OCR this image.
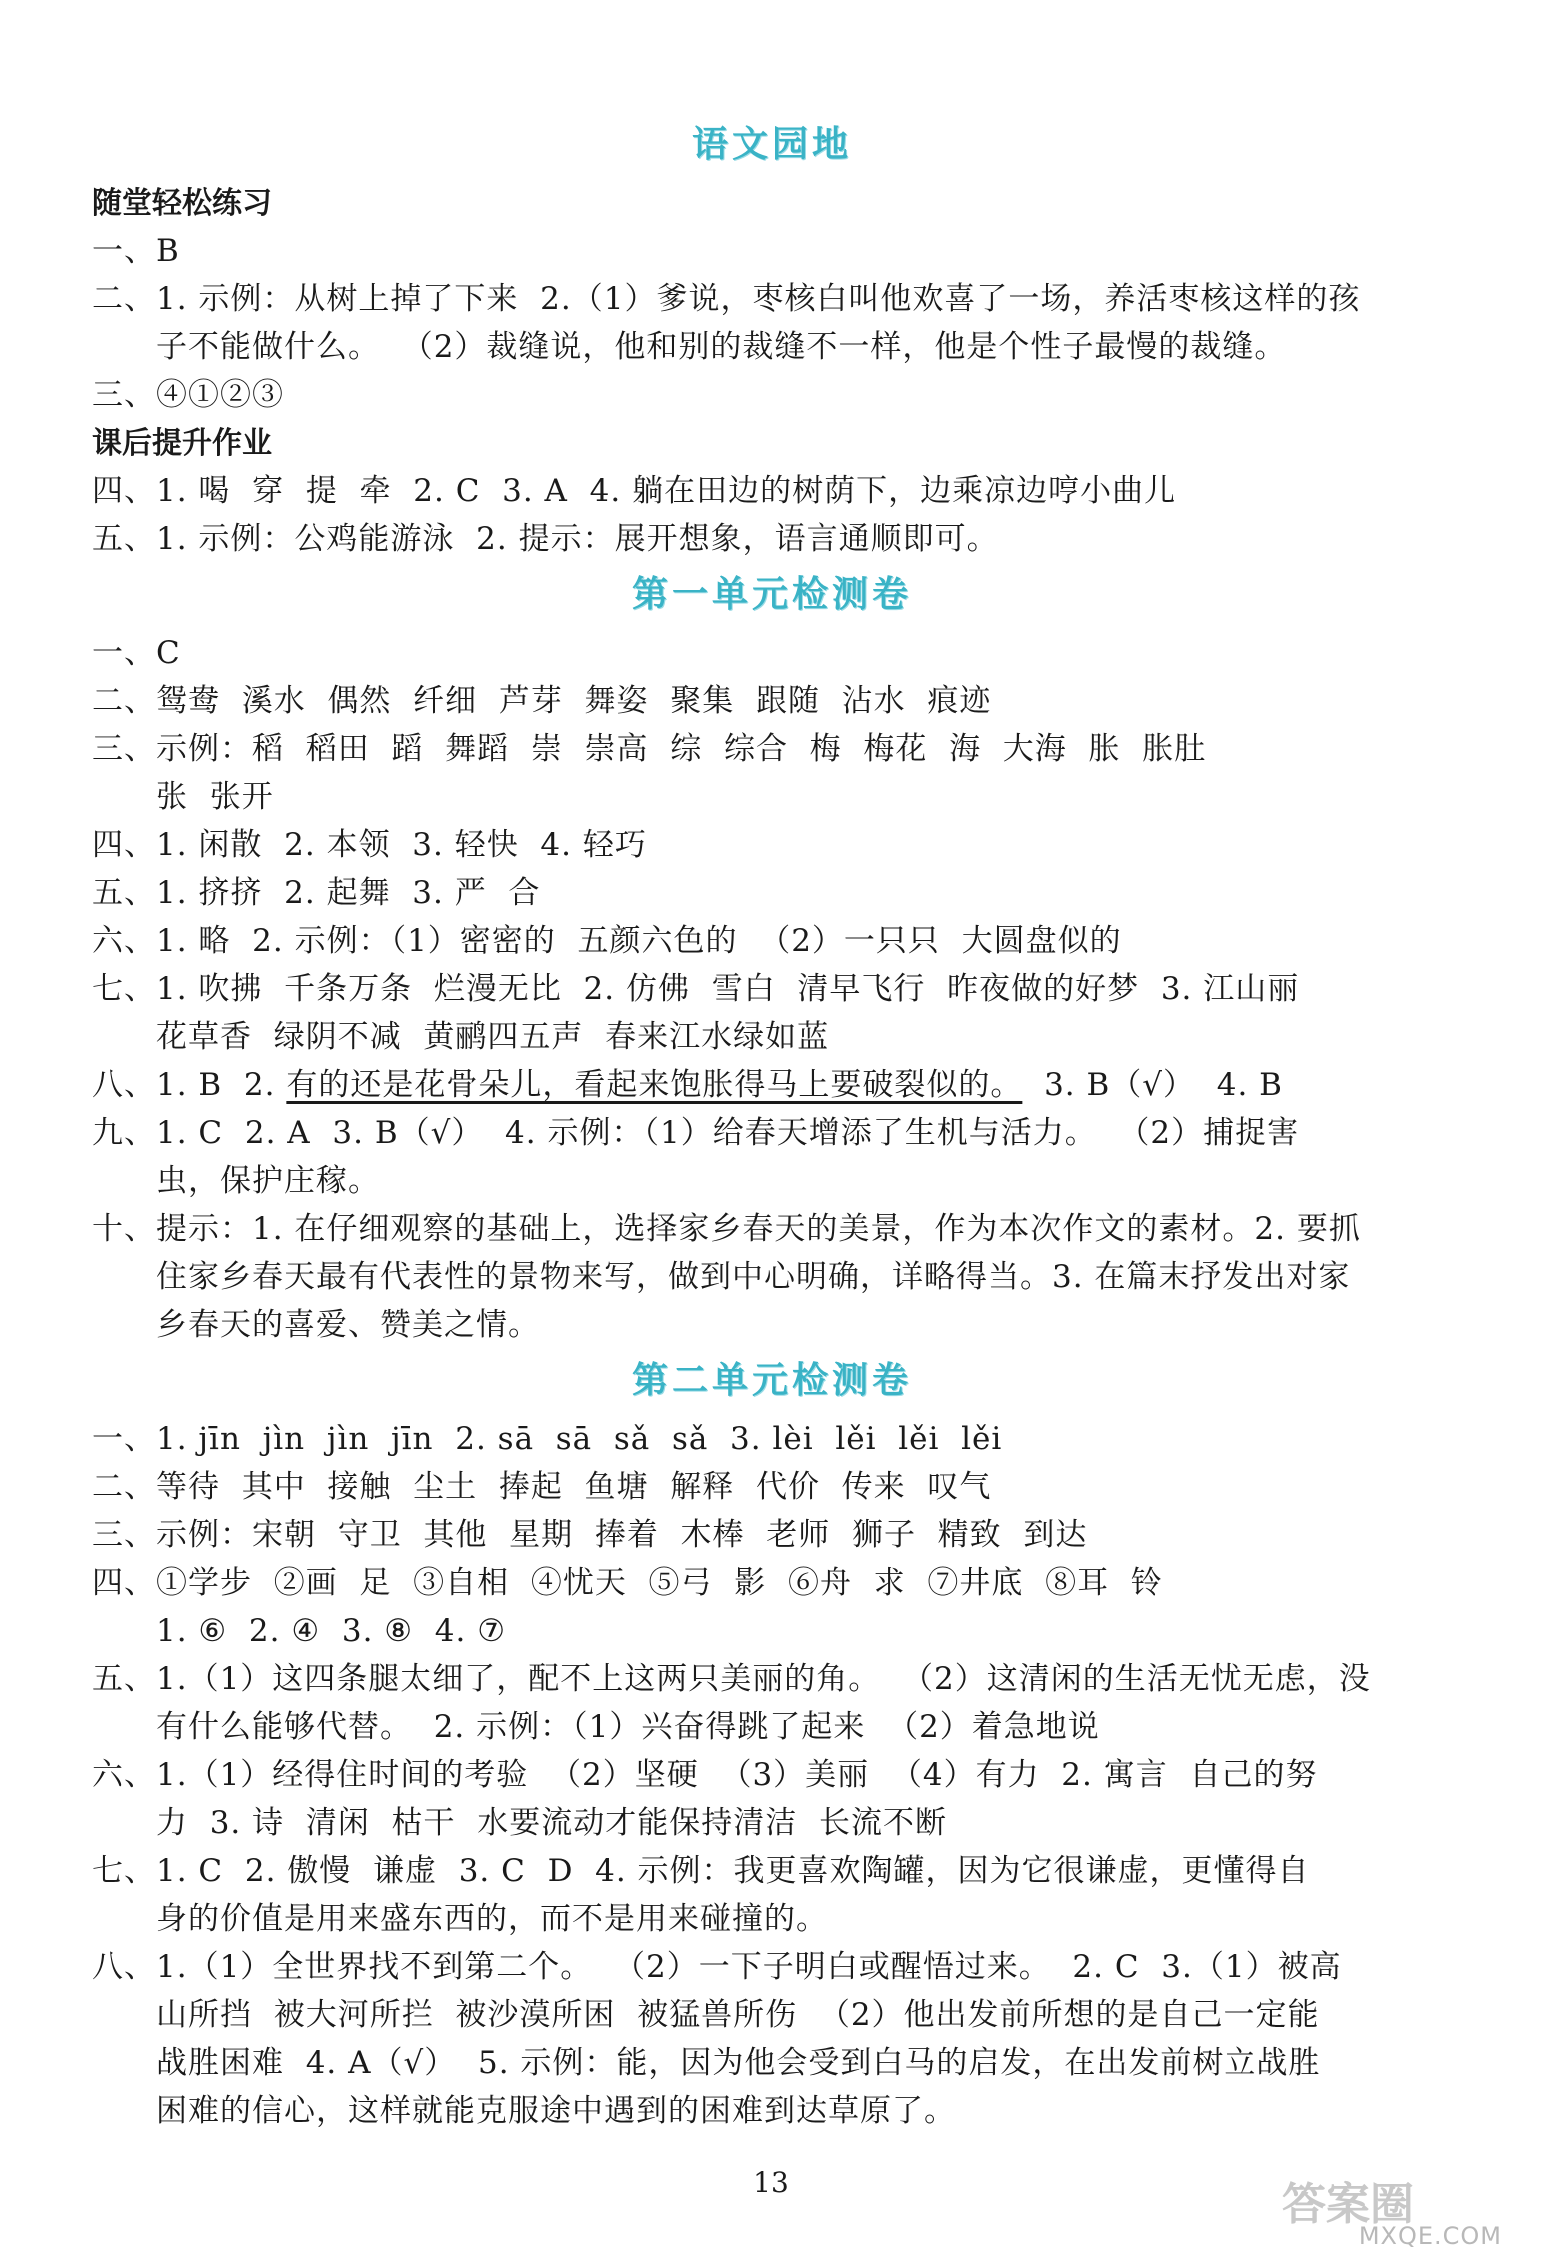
语文园地
随堂轻松练习
一、B
二、1. 示例：从树上掉了下来  2.（1）爹说，枣核白叫他欢喜了一场，养活枣核这样的孩
子不能做什么。  （2）裁缝说，他和别的裁缝不一样，他是个性子最慢的裁缝。
三、④①②③
课后提升作业
四、1. 喝  穿  提  牵  2. C  3. A  4. 躺在田边的树荫下，边乘凉边哼小曲儿
五、1. 示例：公鸡能游泳  2. 提示：展开想象，语言通顺即可。
第一单元检测卷
一、C
二、鸳鸯  溪水  偶然  纤细  芦芽  舞姿  聚集  跟随  沾水  痕迹
三、示例：稻  稻田  蹈  舞蹈  崇  崇高  综  综合  梅  梅花  海  大海  胀  胀肚
张  张开
四、1. 闲散  2. 本领  3. 轻快  4. 轻巧
五、1. 挤挤  2. 起舞  3. 严  合
六、1. 略  2. 示例：（1）密密的  五颜六色的  （2）一只只  大圆盘似的
七、1. 吹拂  千条万条  烂漫无比  2. 仿佛  雪白  清早飞行  昨夜做的好梦  3. 江山丽
花草香  绿阴不减  黄鹂四五声  春来江水绿如蓝
八、1. B  2. 有的还是花骨朵儿，看起来饱胀得马上要破裂似的。  3. B（√）  4. B
九、1. C  2. A  3. B（√）  4. 示例：（1）给春天增添了生机与活力。  （2）捕捉害
虫，保护庄稼。
十、提示：1. 在仔细观察的基础上，选择家乡春天的美景，作为本次作文的素材。2. 要抓
住家乡春天最有代表性的景物来写，做到中心明确，详略得当。3. 在篇末抒发出对家
乡春天的喜爱、赞美之情。
第二单元检测卷
一、1. jīn  jìn  jìn  jīn  2. sā  sā  sǎ  sǎ  3. lèi  lěi  lěi  lěi
二、等待  其中  接触  尘土  捧起  鱼塘  解释  代价  传来  叹气
三、示例：宋朝  守卫  其他  星期  捧着  木棒  老师  狮子  精致  到达
四、①学步  ②画  足  ③自相  ④忧天  ⑤弓  影  ⑥舟  求  ⑦井底  ⑧耳  铃
1. ⑥  2. ④  3. ⑧  4. ⑦
五、1.（1）这四条腿太细了，配不上这两只美丽的角。  （2）这清闲的生活无忧无虑，没
有什么能够代替。  2. 示例：（1）兴奋得跳了起来  （2）着急地说
六、1.（1）经得住时间的考验  （2）坚硬  （3）美丽  （4）有力  2. 寓言  自己的努
力  3. 诗  清闲  枯干  水要流动才能保持清洁  长流不断
七、1. C  2. 傲慢  谦虚  3. C  D  4. 示例：我更喜欢陶罐，因为它很谦虚，更懂得自
身的价值是用来盛东西的，而不是用来碰撞的。
八、1.（1）全世界找不到第二个。  （2）一下子明白或醒悟过来。  2. C  3.（1）被高
山所挡  被大河所拦  被沙漠所困  被猛兽所伤  （2）他出发前所想的是自己一定能
战胜困难  4. A（√）  5. 示例：能，因为他会受到白马的启发，在出发前树立战胜
困难的信心，这样就能克服途中遇到的困难到达草原了。
13	答案圈
MXQE.COM
